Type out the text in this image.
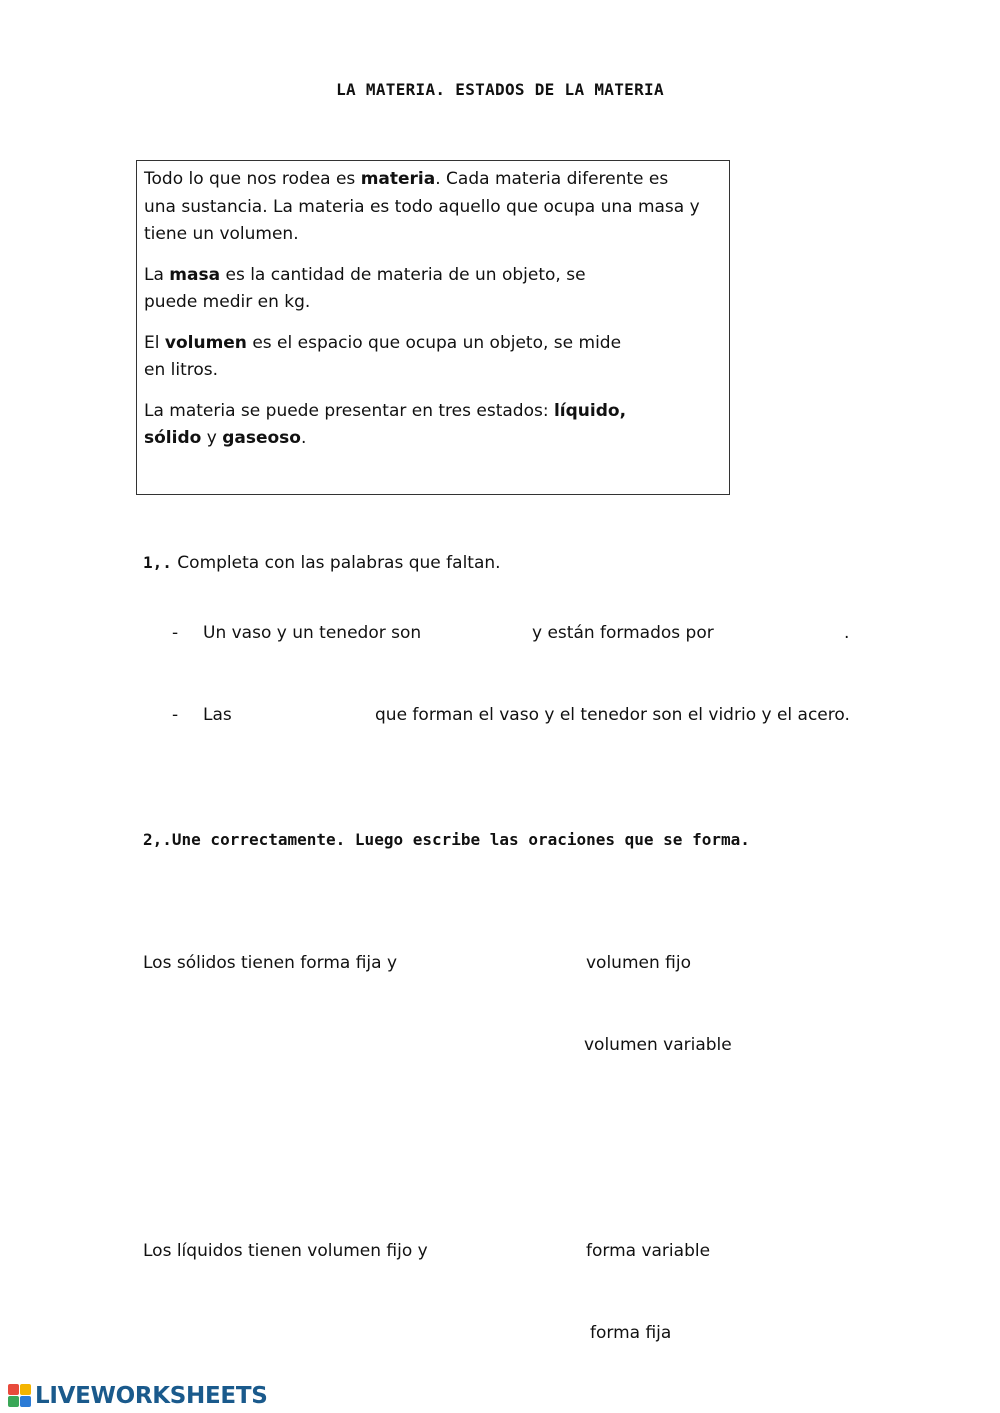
LA MATERIA. ESTADOS DE LA MATERIA

Todo lo que nos rodea es materia. Cada materia diferente es una sustancia. La materia es todo aquello que ocupa una masa y tiene un volumen.

La masa es la cantidad de materia de un objeto, se puede medir en kg.

El volumen es el espacio que ocupa un objeto, se mide en litros.

La materia se puede presentar en tres estados: líquido, sólido y gaseoso.

1,. Completa con las palabras que faltan.
- Un vaso y un tenedor son	y están formados por	.
- Las	que forman el vaso y el tenedor son el vidrio y el acero.
2,.Une correctamente. Luego escribe las oraciones que se forma.
Los sólidos tienen forma fija y	volumen fijo
volumen variable
Los líquidos tienen volumen fijo y	forma variable
forma fija
LIVEWORKSHEETS
